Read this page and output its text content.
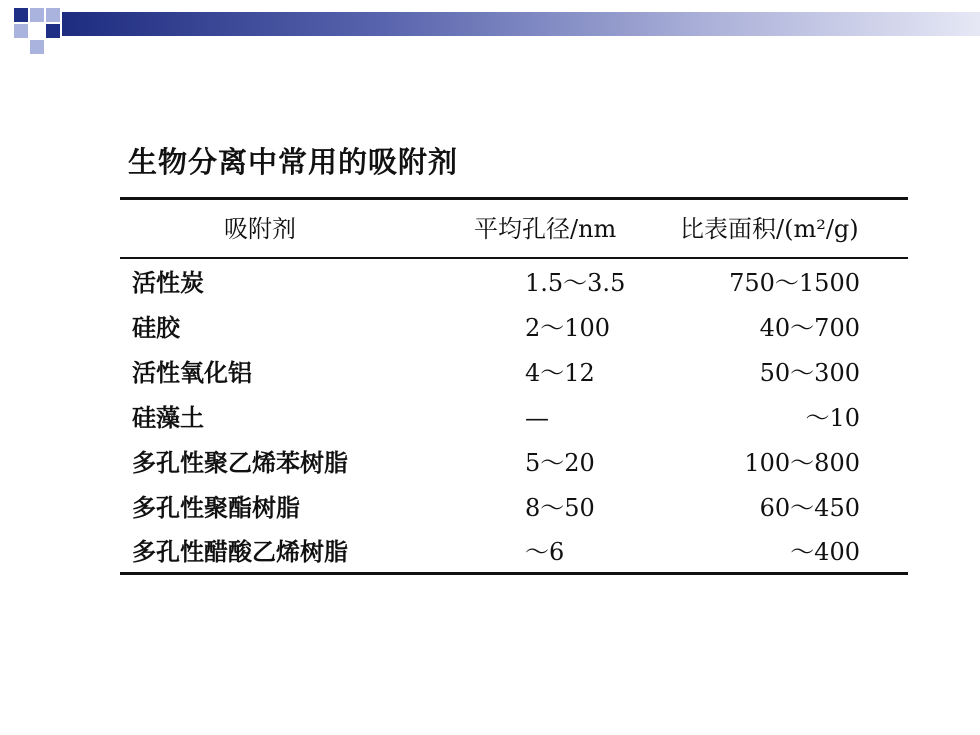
生物分离中常用的吸附剂
吸附剂	平均孔径/nm	比表面积/(m²/g)
活性炭	1.5～3.5	750～1500
硅胶	2～100	40～700
活性氧化铝	4～12	50～300
硅藻土	—	～10
多孔性聚乙烯苯树脂	5～20	100～800
多孔性聚酯树脂	8～50	60～450
多孔性醋酸乙烯树脂	～6	～400
